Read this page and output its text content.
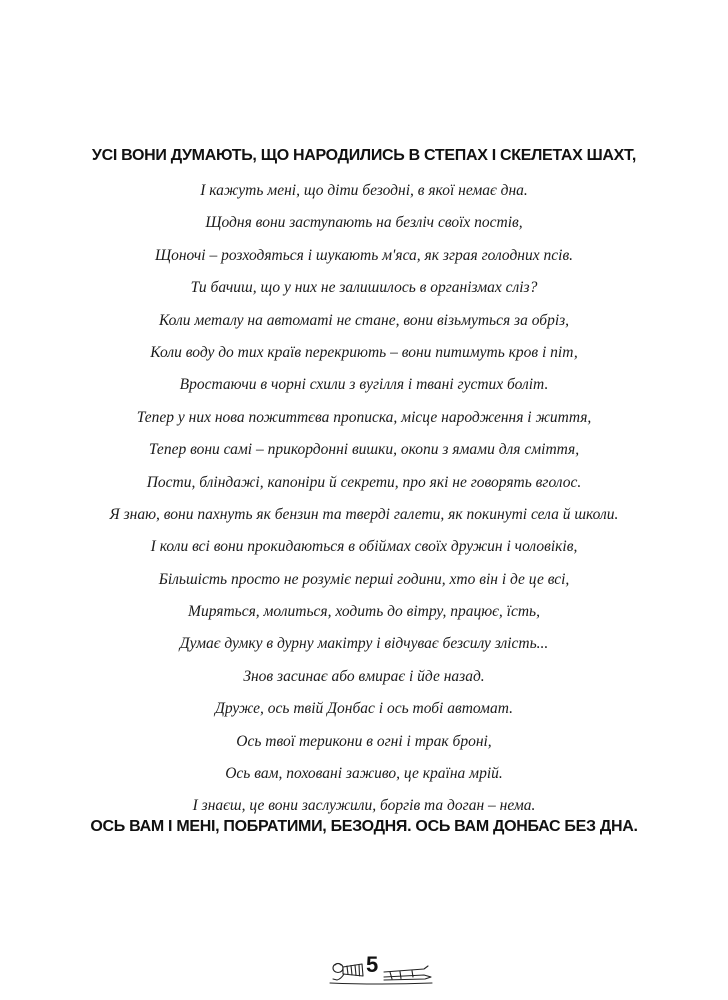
УСІ ВОНИ ДУМАЮТЬ, ЩО НАРОДИЛИСЬ В СТЕПАХ І СКЕЛЕТАХ ШАХТ,
І кажуть мені, що діти безодні, в якої немає дна.
Щодня вони заступають на безліч своїх постів,
Щоночі – розходяться і шукають м'яса, як зграя голодних псів.
Ти бачиш, що у них не залишилось в організмах сліз?
Коли металу на автоматі не стане, вони візьмуться за обріз,
Коли воду до тих країв перекриють – вони питимуть кров і піт,
Вростаючи в чорні схили з вугілля і твані густих боліт.
Тепер у них нова пожиттєва прописка, місце народження і життя,
Тепер вони самі – прикордонні вишки, окопи з ямами для сміття,
Пости, бліндажі, капоніри й секрети, про які не говорять вголос.
Я знаю, вони пахнуть як бензин та тверді галети, як покинуті села й школи.
І коли всі вони прокидаються в обіймах своїх дружин і чоловіків,
Більшість просто не розуміє перші години, хто він і де це всі,
Миряться, молиться, ходить до вітру, працює, їсть,
Думає думку в дурну макітру і відчуває безсилу злість...
Знов засинає або вмирає і йде назад.
Друже, ось твій Донбас і ось тобі автомат.
Ось твої терикони в огні і трак броні,
Ось вам, поховані заживо, це країна мрій.
І знаєш, це вони заслужили, боргів та доган – нема.
ОСЬ ВАМ І МЕНІ, ПОБРАТИМИ, БЕЗОДНЯ. ОСЬ ВАМ ДОНБАС БЕЗ ДНА.
5
